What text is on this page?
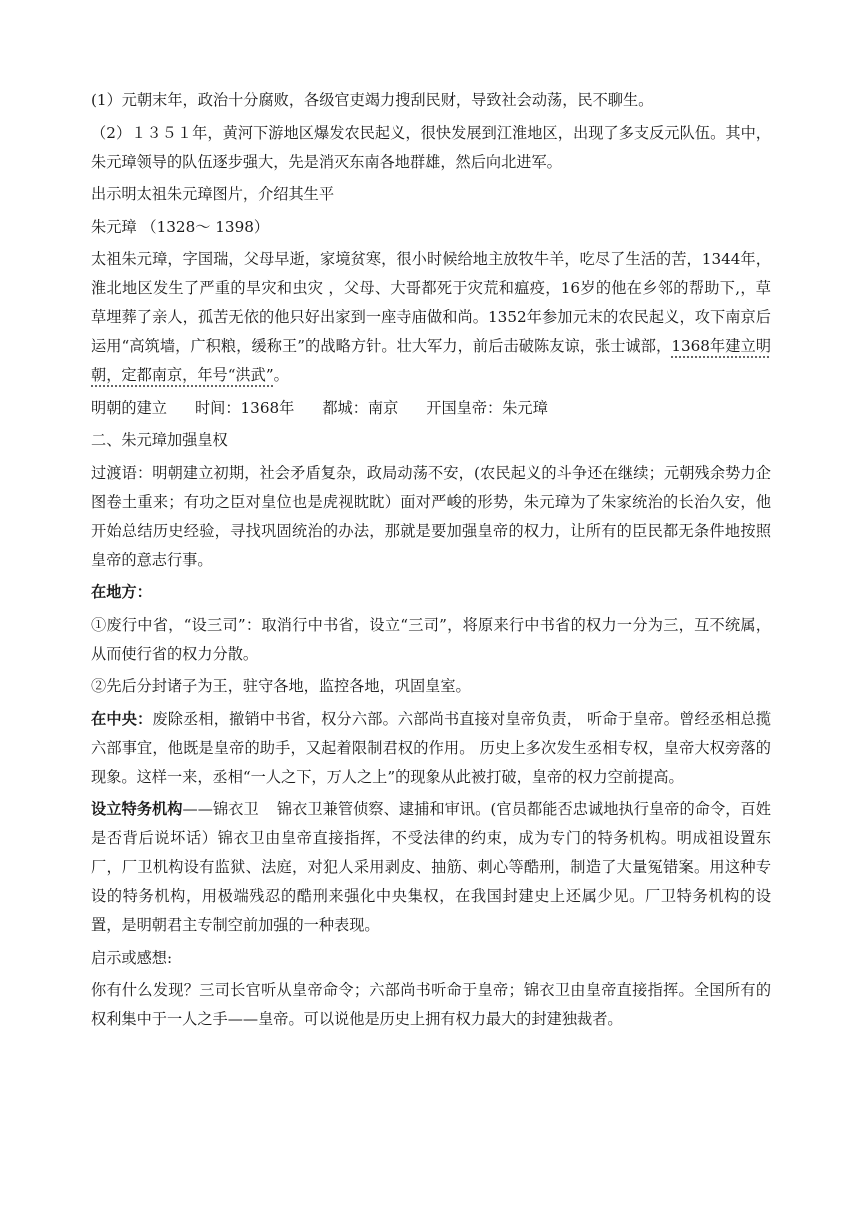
(1）元朝末年，政治十分腐败，各级官吏竭力搜刮民财，导致社会动荡，民不聊生。

（2）１３５１年，黄河下游地区爆发农民起义，很快发展到江淮地区，出现了多支反元队伍。其中，朱元璋领导的队伍逐步强大，先是消灭东南各地群雄，然后向北进军。

出示明太祖朱元璋图片，介绍其生平

朱元璋 （1328～ 1398）

太祖朱元璋，字国瑞，父母早逝，家境贫寒，很小时候给地主放牧牛羊，吃尽了生活的苦，1344年，淮北地区发生了严重的旱灾和虫灾 ，父母、大哥都死于灾荒和瘟疫，16岁的他在乡邻的帮助下,，草草埋葬了亲人，孤苦无依的他只好出家到一座寺庙做和尚。1352年参加元末的农民起义，攻下南京后运用“高筑墙，广积粮，缓称王”的战略方针。壮大军力，前后击破陈友谅，张士诚部，1368年建立明朝，定都南京，年号“洪武”。

明朝的建立 时间：1368年 都城：南京 开国皇帝：朱元璋

二、朱元璋加强皇权

过渡语：明朝建立初期，社会矛盾复杂，政局动荡不安，(农民起义的斗争还在继续；元朝残余势力企图卷土重来；有功之臣对皇位也是虎视眈眈）面对严峻的形势，朱元璋为了朱家统治的长治久安，他开始总结历史经验，寻找巩固统治的办法，那就是要加强皇帝的权力，让所有的臣民都无条件地按照皇帝的意志行事。

在地方：

①废行中省，“设三司”：取消行中书省，设立“三司”，将原来行中书省的权力一分为三，互不统属，从而使行省的权力分散。

②先后分封诸子为王，驻守各地，监控各地，巩固皇室。

在中央：废除丞相，撤销中书省，权分六部。六部尚书直接对皇帝负责， 听命于皇帝。曾经丞相总揽六部事宜，他既是皇帝的助手，又起着限制君权的作用。 历史上多次发生丞相专权，皇帝大权旁落的现象。这样一来，丞相“一人之下，万人之上”的现象从此被打破，皇帝的权力空前提高。

设立特务机构——锦衣卫 锦衣卫兼管侦察、逮捕和审讯。(官员都能否忠诚地执行皇帝的命令，百姓是否背后说坏话）锦衣卫由皇帝直接指挥，不受法律的约束，成为专门的特务机构。明成祖设置东厂，厂卫机构设有监狱、法庭，对犯人采用剥皮、抽筋、刺心等酷刑，制造了大量冤错案。用这种专设的特务机构，用极端残忍的酷刑来强化中央集权，在我国封建史上还属少见。厂卫特务机构的设置，是明朝君主专制空前加强的一种表现。

启示或感想:

你有什么发现？三司长官听从皇帝命令；六部尚书听命于皇帝；锦衣卫由皇帝直接指挥。全国所有的权利集中于一人之手——皇帝。可以说他是历史上拥有权力最大的封建独裁者。
